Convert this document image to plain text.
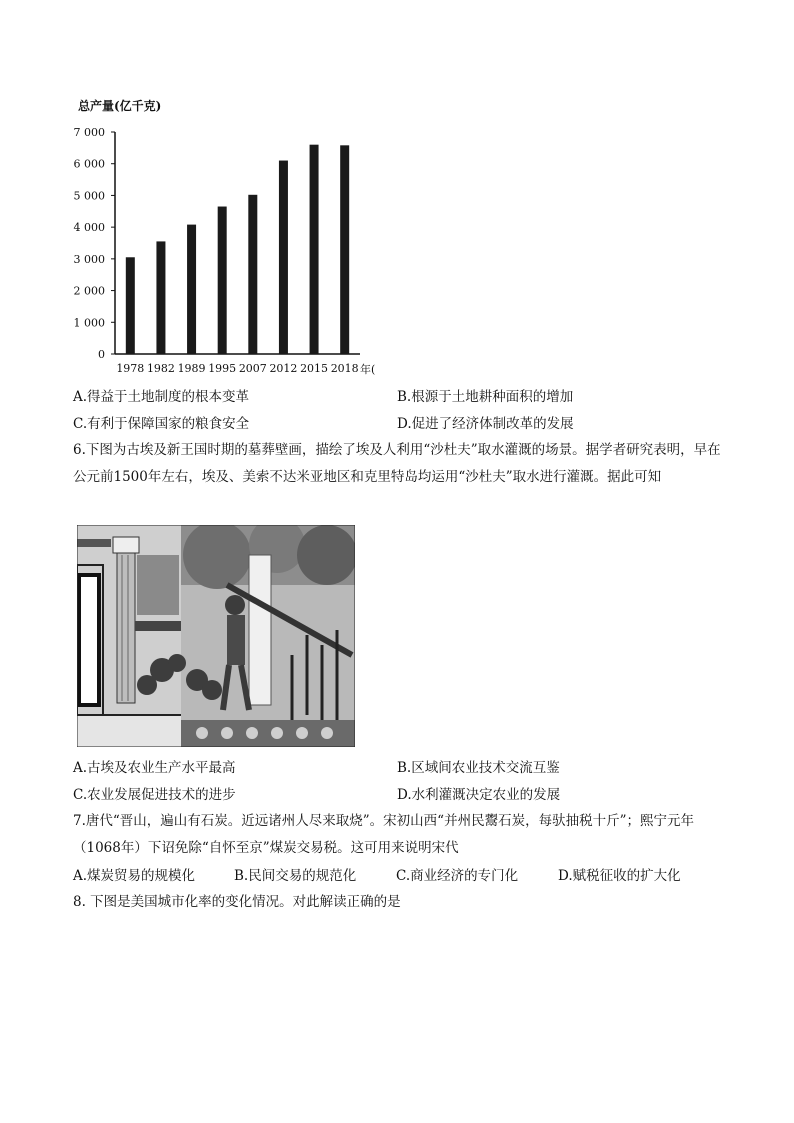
总产量(亿千克)
0
1 000
2 000
3 000
4 000
5 000
6 000
7 000
1978 1982 1989 1995 2007 2012 2015 2018 年(
A.得益于土地制度的根本变革	B.根源于土地耕种面积的增加
C.有利于保障国家的粮食安全	D.促进了经济体制改革的发展
6.下图为古埃及新王国时期的墓葬壁画，描绘了埃及人利用“沙杜夫”取水灌溉的场景。据学者研究表明，早在公元前1500年左右，埃及、美索不达米亚地区和克里特岛均运用“沙杜夫”取水进行灌溉。据此可知
A.古埃及农业生产水平最高	B.区域间农业技术交流互鉴
C.农业发展促进技术的进步	D.水利灌溉决定农业的发展
7.唐代“晋山，遍山有石炭。近远诸州人尽来取烧”。宋初山西“并州民鬻石炭，每驮抽税十斤”；熙宁元年（1068年）下诏免除“自怀至京”煤炭交易税。这可用来说明宋代
A.煤炭贸易的规模化	B.民间交易的规范化	C.商业经济的专门化	D.赋税征收的扩大化
8. 下图是美国城市化率的变化情况。对此解读正确的是
